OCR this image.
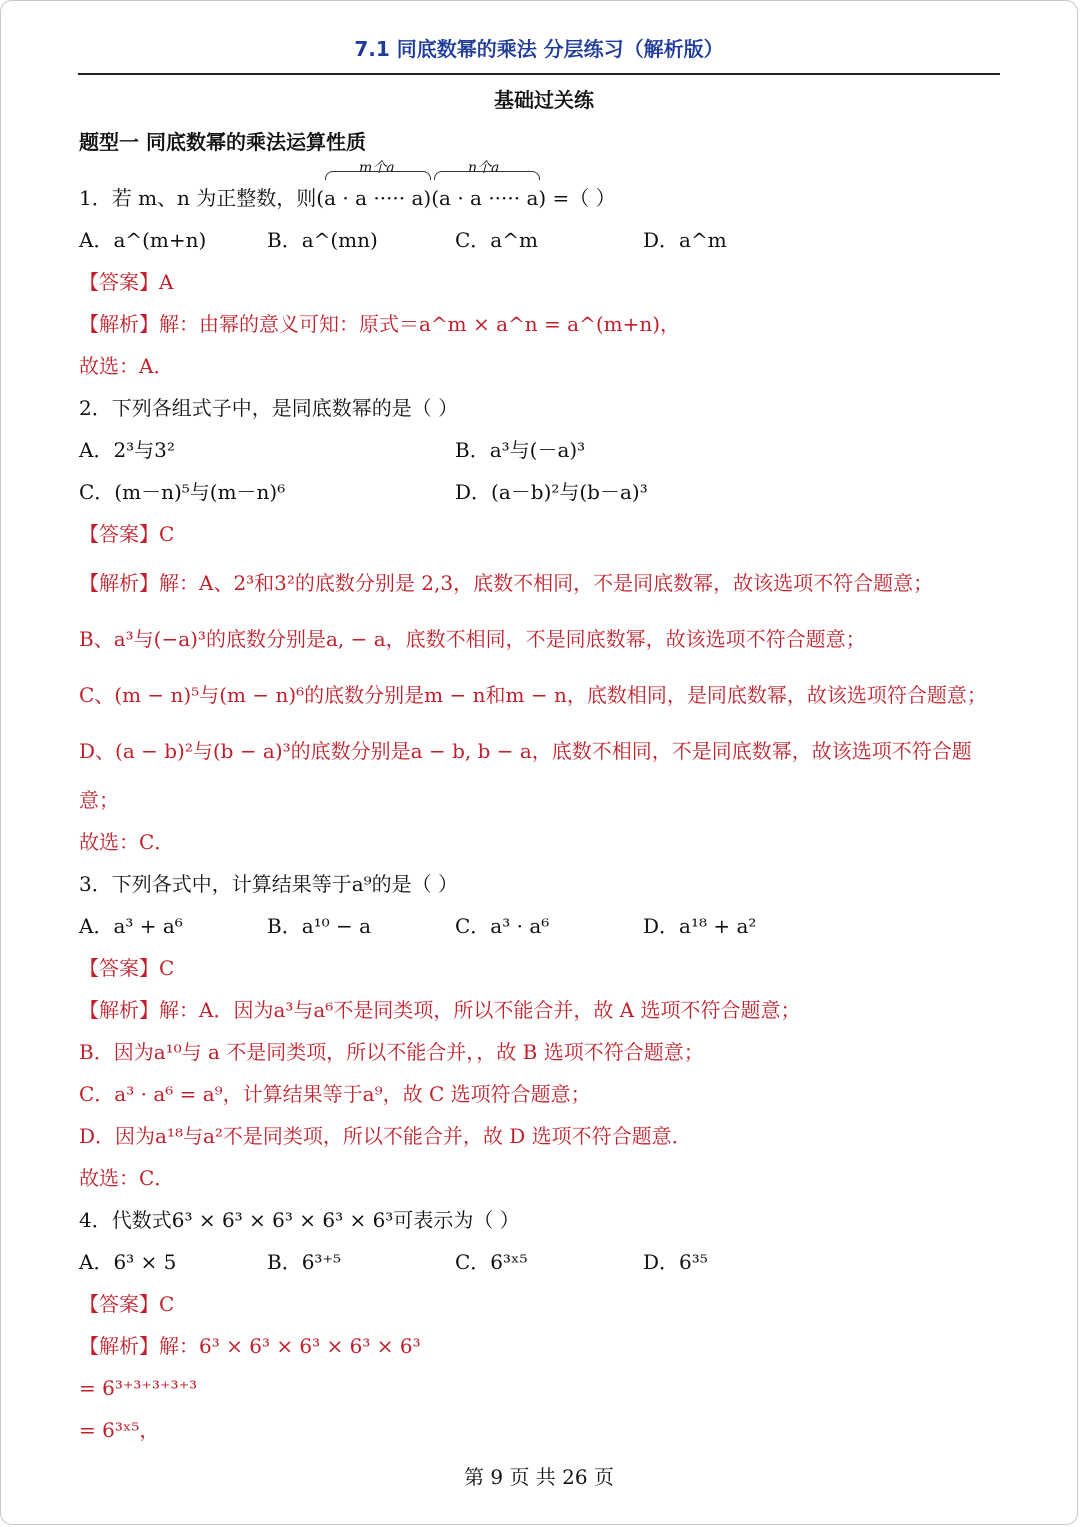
7.1 同底数幂的乘法 分层练习（解析版）
基础过关练
题型一 同底数幂的乘法运算性质
m个a	n个a
1．若 m、n 为正整数，则(a · a ····· a)(a · a ····· a) =（ ）
A．a^(m+n)	B．a^(mn)	C．a^m	D．a^m
【答案】A
【解析】解：由幂的意义可知：原式＝a^m × a^n = a^(m+n)，
故选：A．
2．下列各组式子中，是同底数幂的是（ ）
A．2³与3²	B．a³与(－a)³
C．(m－n)⁵与(m－n)⁶	D．(a－b)²与(b－a)³
【答案】C
【解析】解：A、2³和3²的底数分别是 2,3，底数不相同，不是同底数幂，故该选项不符合题意；
B、a³与(−a)³的底数分别是a, − a，底数不相同，不是同底数幂，故该选项不符合题意；
C、(m − n)⁵与(m − n)⁶的底数分别是m − n和m − n，底数相同，是同底数幂，故该选项符合题意；
D、(a − b)²与(b − a)³的底数分别是a − b, b − a，底数不相同，不是同底数幂，故该选项不符合题
意；
故选：C．
3．下列各式中，计算结果等于a⁹的是（ ）
A．a³ + a⁶	B．a¹⁰ − a	C．a³ · a⁶	D．a¹⁸ + a²
【答案】C
【解析】解：A．因为a³与a⁶不是同类项，所以不能合并，故 A 选项不符合题意；
B．因为a¹⁰与 a 不是同类项，所以不能合并，，故 B 选项不符合题意；
C．a³ · a⁶ = a⁹，计算结果等于a⁹，故 C 选项符合题意；
D．因为a¹⁸与a²不是同类项，所以不能合并，故 D 选项不符合题意．
故选：C．
4．代数式6³ × 6³ × 6³ × 6³ × 6³可表示为（ ）
A．6³ × 5	B．6³⁺⁵	C．6³ˣ⁵	D．6³⁵
【答案】C
【解析】解：6³ × 6³ × 6³ × 6³ × 6³
= 6³⁺³⁺³⁺³⁺³
= 6³ˣ⁵，
第 9 页 共 26 页
